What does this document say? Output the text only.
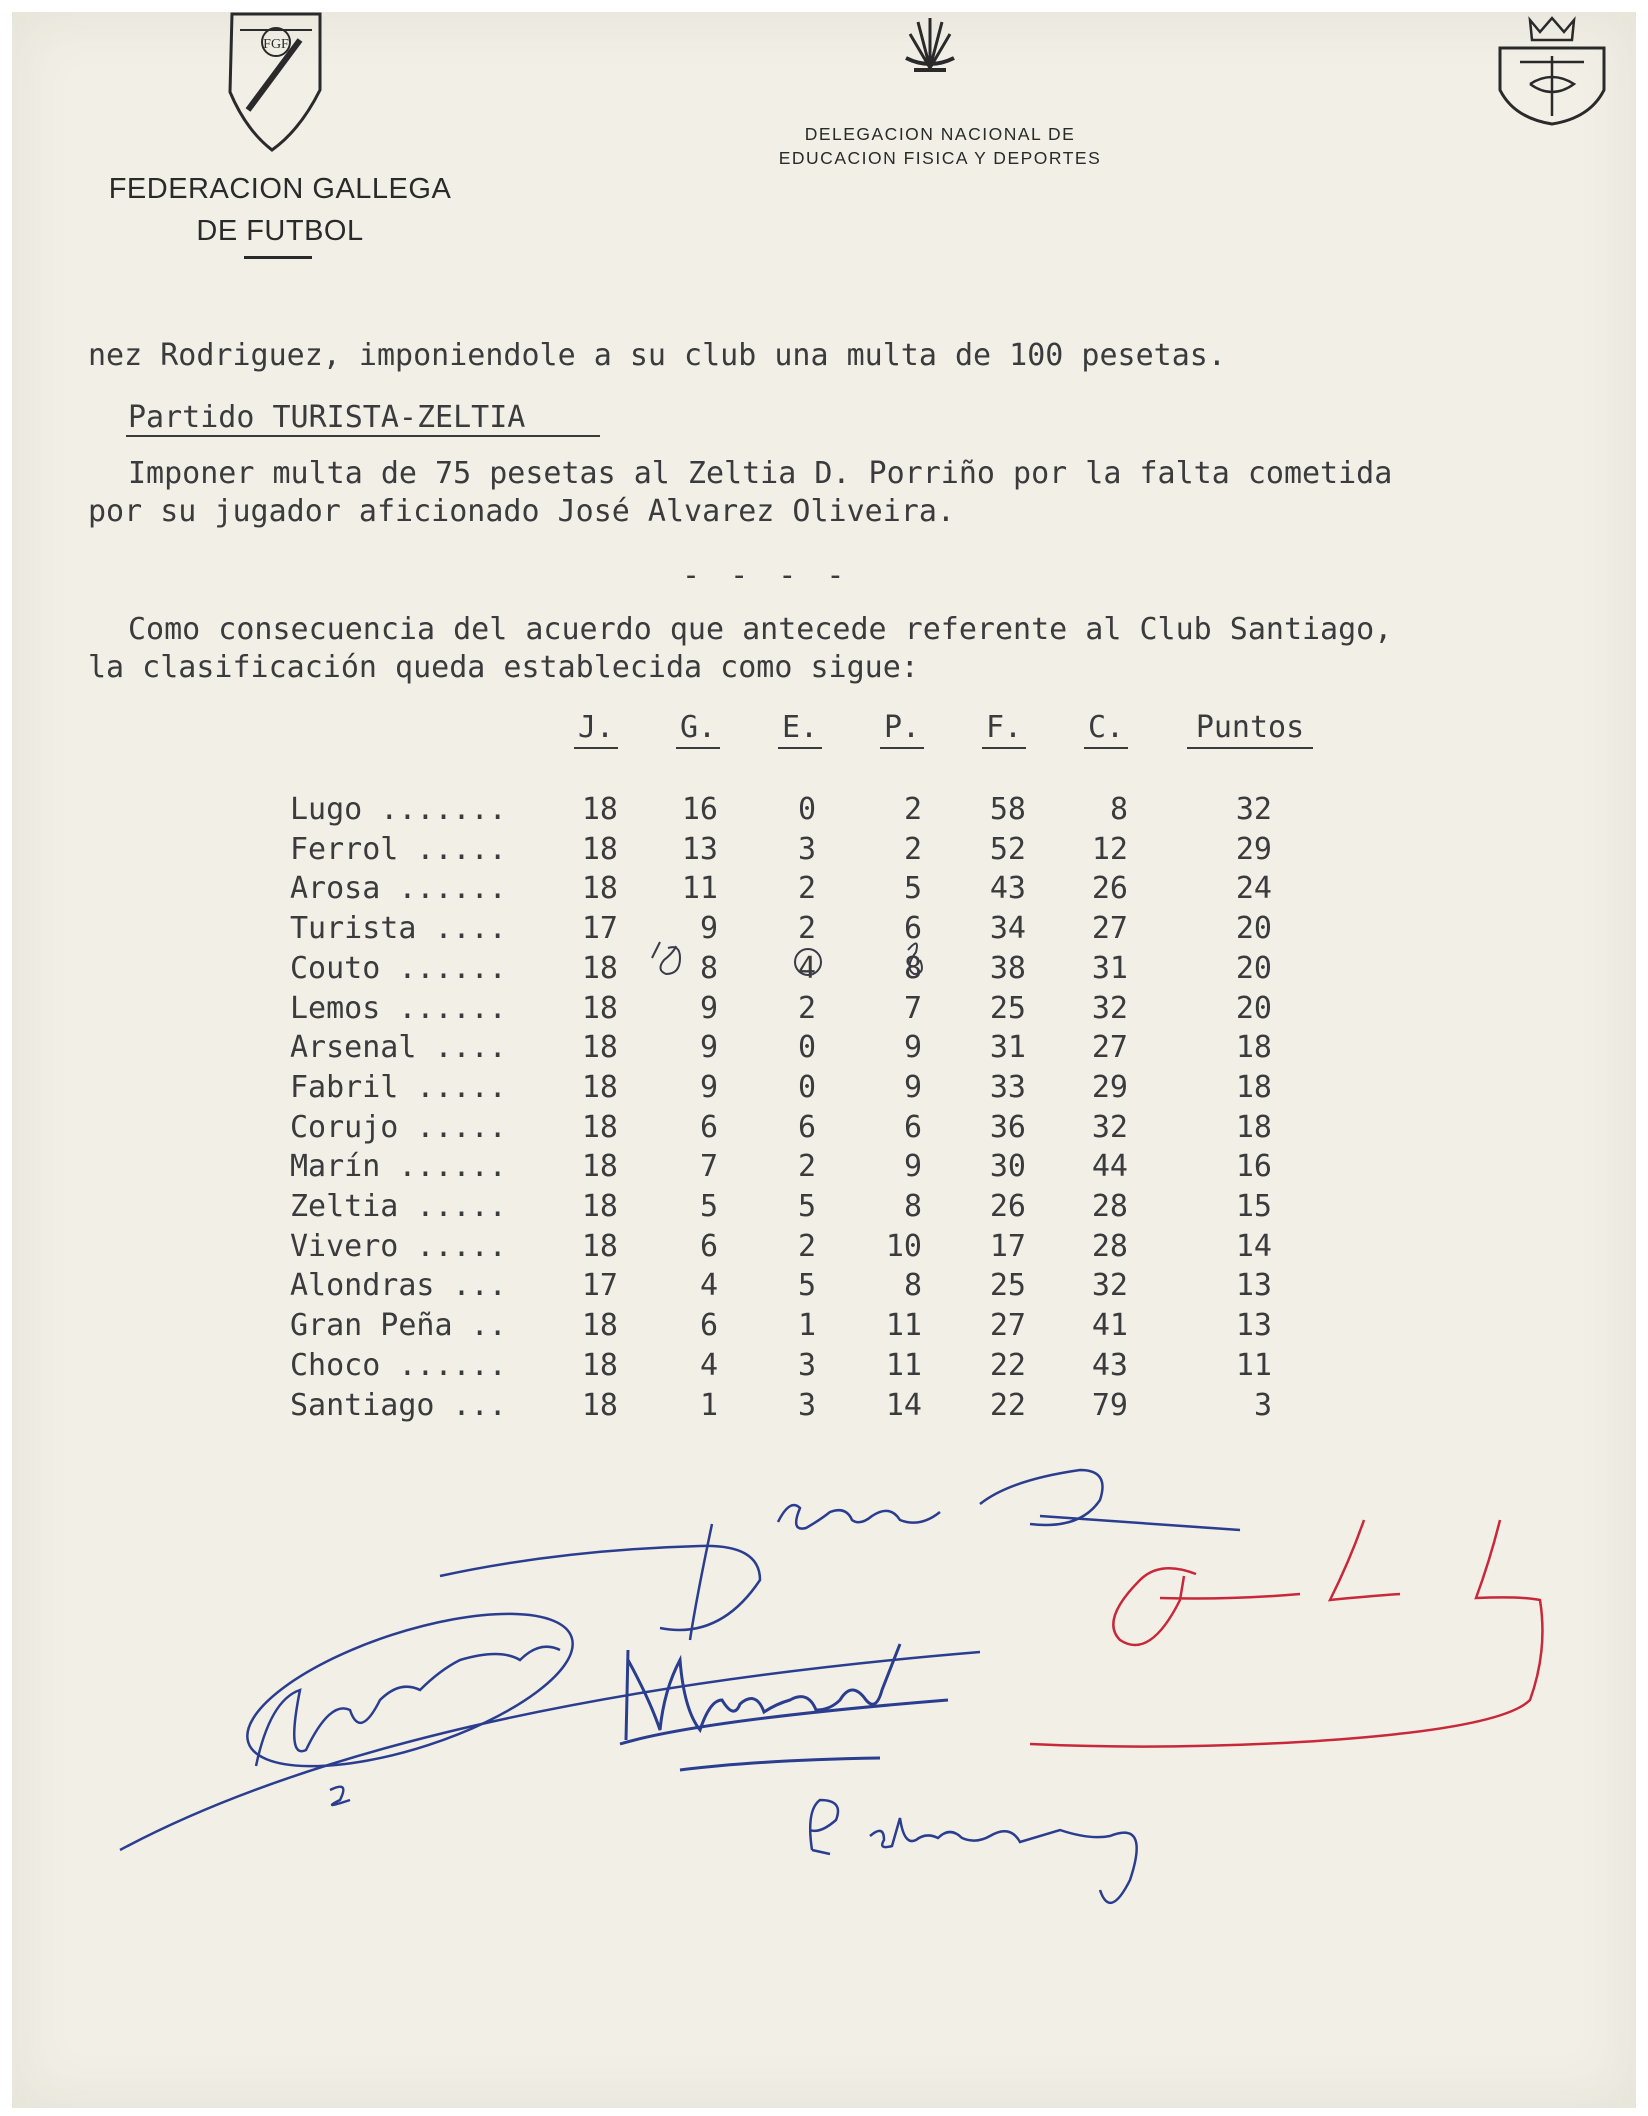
FGF
FEDERACION GALLEGA
DE FUTBOL
DELEGACION NACIONAL DE
EDUCACION FISICA Y DEPORTES
nez Rodriguez, imponiendole a su club una multa de 100 pesetas.
Partido TURISTA-ZELTIA
Imponer multa de 75 pesetas al Zeltia D. Porriño por la falta cometida
por su jugador aficionado José Alvarez Oliveira.
- - - -
Como consecuencia del acuerdo que antecede referente al Club Santiago,
la clasificación queda establecida como sigue:
J. G. E. P. F. C. Puntos
Lugo .......	18	16	0	2	58	8	32
Ferrol .....	18	13	3	2	52	12	29
Arosa ......	18	11	2	5	43	26	24
Turista ....	17	9	2	6	34	27	20
Couto ......	18	8	4	8	38	31	20
Lemos ......	18	9	2	7	25	32	20
Arsenal ....	18	9	0	9	31	27	18
Fabril .....	18	9	0	9	33	29	18
Corujo .....	18	6	6	6	36	32	18
Marín ......	18	7	2	9	30	44	16
Zeltia .....	18	5	5	8	26	28	15
Vivero .....	18	6	2	10	17	28	14
Alondras ...	17	4	5	8	25	32	13
Gran Peña ..	18	6	1	11	27	41	13
Choco ......	18	4	3	11	22	43	11
Santiago ...	18	1	3	14	22	79	3
